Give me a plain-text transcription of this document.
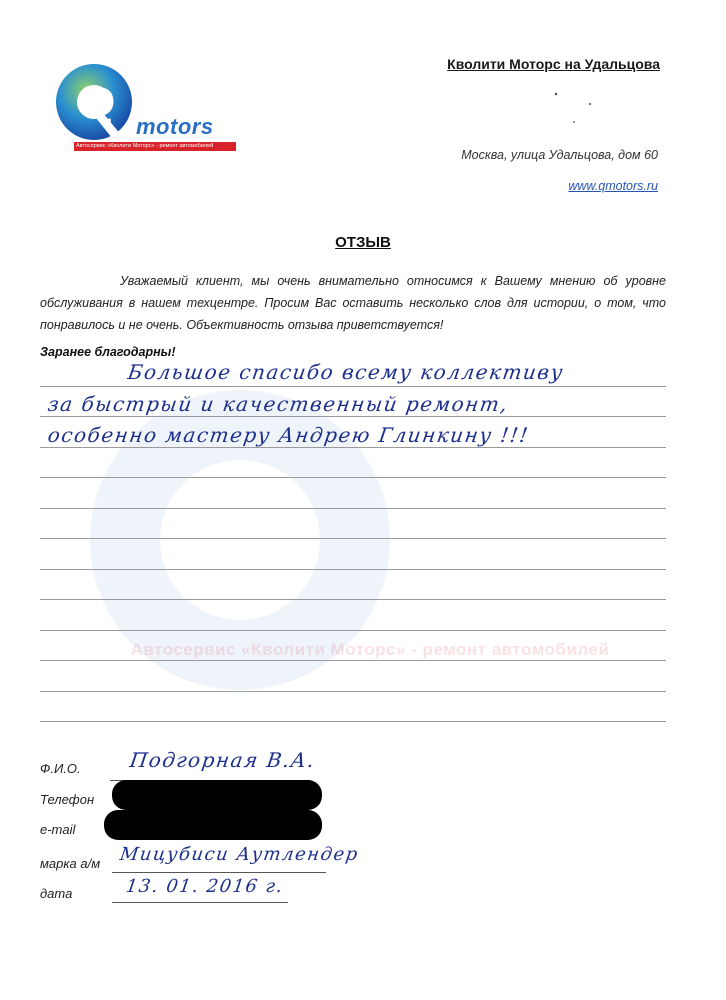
Автосервис «Кволити Моторс» - ремонт автомобилей
Q
motors
Автосервис «Кволити Моторс» - ремонт автомобилей
Кволити Моторс на Удальцова
Москва, улица Удальцова, дом 60
www.qmotors.ru
ОТЗЫВ
Уважаемый клиент, мы очень внимательно относимся к Вашему мнению об уровне обслуживания в нашем техцентре. Просим Вас оставить несколько слов для истории, о том, что понравилось и не очень. Объективность отзыва приветствуется!
Заранее благодарны!
Большое спасибо всему коллективу
за быстрый и качественный ремонт,
особенно мастеру Андрею Глинкину !!!
Ф.И.О. Подгорная В.А.
Телефон
e-mail
марка а/м Мицубиси Аутлендер
дата	13. 01. 2016 г.
